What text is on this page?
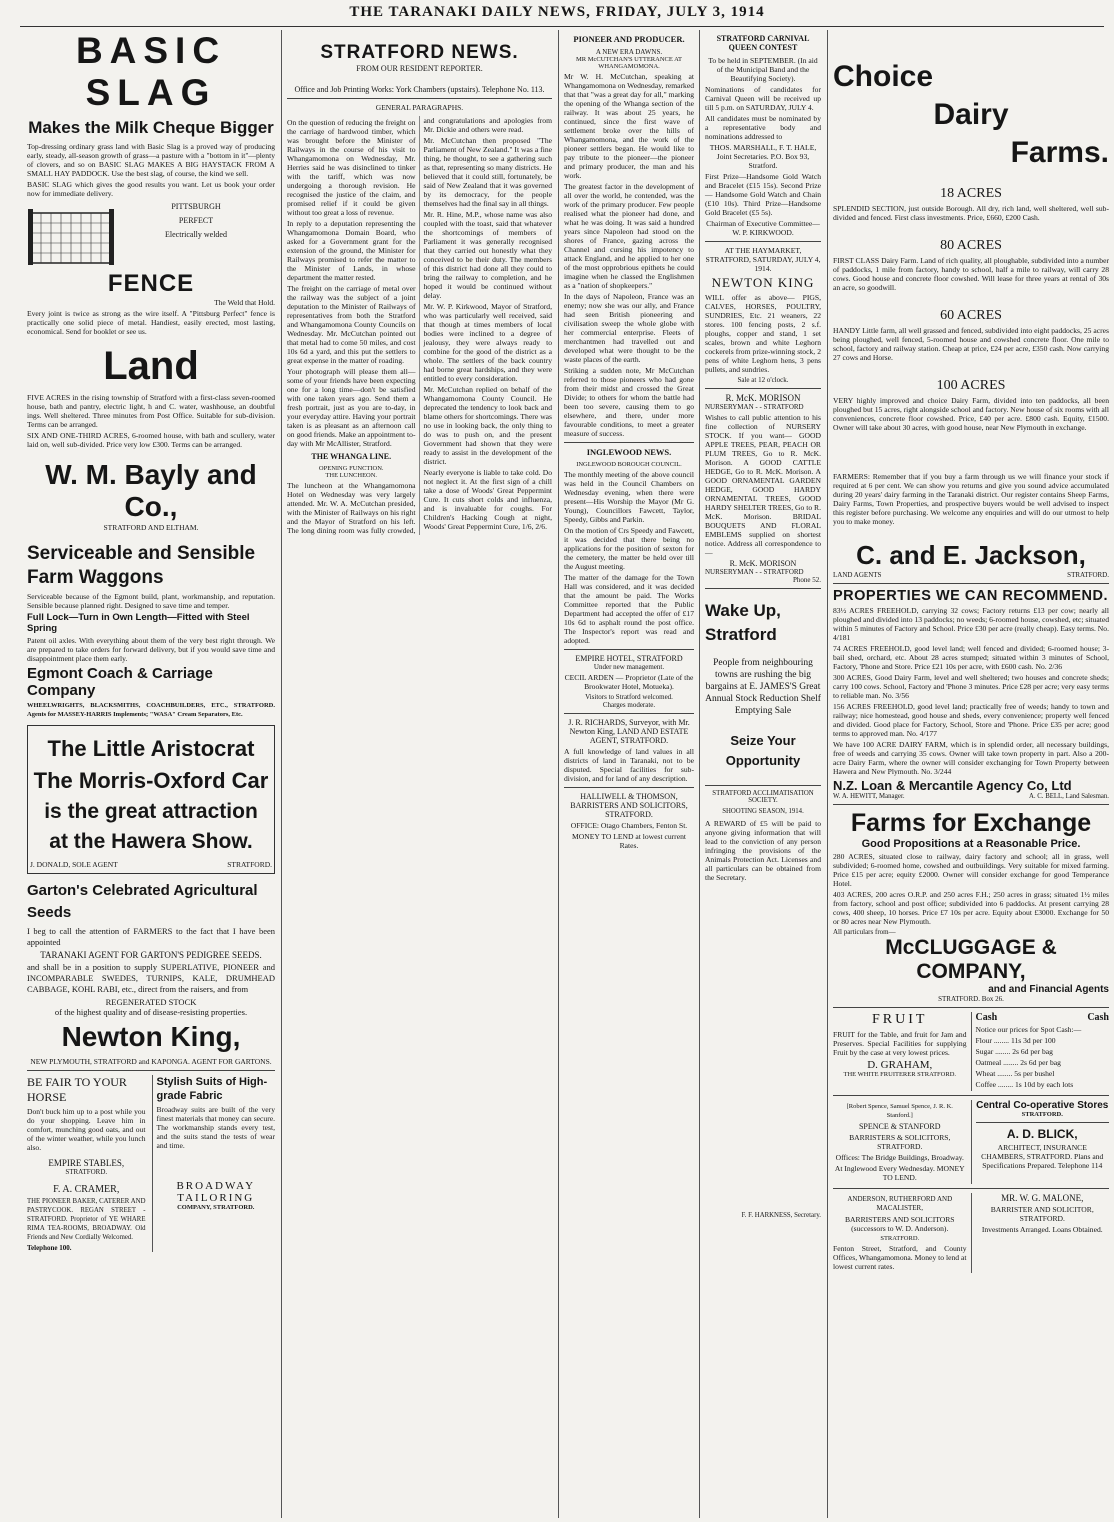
THE TARANAKI DAILY NEWS, FRIDAY, JULY 3, 1914
BASIC SLAG
Makes the Milk Cheque Bigger

Top-dressing ordinary grass land with Basic Slag is a proved way of producing early, steady, all-season growth of grass—a pasture with a "bottom in it"—plenty of clovers, and so on BASIC SLAG MAKES A BIG HAYSTACK FROM A SMALL HAY PADDOCK. Use the best slag, of course, the kind we sell.

BASIC SLAG which gives the good results you want. Let us book your order now for immediate delivery.

PITTSBURGH
PERFECT
Electrically welded
FENCE
The Weld that Hold.

Every joint is twice as strong as the wire itself. A "Pittsburg Perfect" fence is practically one solid piece of metal. Handiest, easily erected, most lasting, economical. Send for booklet or see us.

Land

FIVE ACRES in the rising township of Stratford with a first-class seven-roomed house, bath and pantry, electric light, h and C. water, washhouse, an doubtful ings. Well sheltered. Three minutes from Post Office. Suitable for sub-division. Terms can be arranged.

SIX AND ONE-THIRD ACRES, 6-roomed house, with bath and scullery, water laid on, well sub-divided. Price very low £300. Terms can be arranged.

W. M. Bayly and Co.,
STRATFORD AND ELTHAM.
Serviceable and Sensible Farm Waggons

Serviceable because of the Egmont build, plant, workmanship, and reputation. Sensible because planned right. Designed to save time and temper.

Full Lock—Turn in Own Length—Fitted with Steel Spring

Patent oil axles. With everything about them of the very best right through. We are prepared to take orders for forward delivery, but if you would save time and disappointment place them early.

Egmont Coach & Carriage Company

WHEELWRIGHTS, BLACKSMITHS, COACHBUILDERS, ETC., STRATFORD. Agents for MASSEY-HARRIS Implements; "WASA" Cream Separators, Etc.

The Little Aristocrat
The Morris-Oxford Car
is the great attraction
at the Hawera Show.
J. DONALD, SOLE AGENT	STRATFORD.
Garton's Celebrated Agricultural Seeds

I beg to call the attention of FARMERS to the fact that I have been appointed

TARANAKI AGENT FOR GARTON'S PEDIGREE SEEDS.

and shall be in a position to supply SUPERLATIVE, PIONEER and INCOMPARABLE SWEDES, TURNIPS, KALE, DRUMHEAD CABBAGE, KOHL RABI, etc., direct from the raisers, and from

REGENERATED STOCK
of the highest quality and of disease-resisting properties.
Newton King,
NEW PLYMOUTH, STRATFORD and KAPONGA. AGENT FOR GARTONS.
BE FAIR TO YOUR HORSE

Don't buck him up to a post while you do your shopping. Leave him in comfort, munching good oats, and out of the winter weather, while you lunch also.

EMPIRE STABLES,
STRATFORD.
F. A. CRAMER,

THE PIONEER BAKER, CATERER AND PASTRYCOOK. REGAN STREET - STRATFORD. Proprietor of YE WHARE RIMA TEA-ROOMS, BROADWAY. Old Friends and New Cordially Welcomed.

Telephone 100.
Stylish Suits of High-grade Fabric

Broadway suits are built of the very finest materials that money can secure. The workmanship stands every test, and the suits stand the tests of wear and time.

BROADWAY TAILORING
COMPANY, STRATFORD.
STRATFORD NEWS.
FROM OUR RESIDENT REPORTER.

Office and Job Printing Works: York Chambers (upstairs). Telephone No. 113.

GENERAL PARAGRAPHS.

On the question of reducing the freight on the carriage of hardwood timber, which was brought before the Minister of Railways in the course of his visit to Whangamomona on Wednesday, Mr. Herries said he was disinclined to tinker with the tariff, which was now undergoing a thorough revision. He recognised the justice of the claim, and promised relief if it could be given without too great a loss of revenue.

In reply to a deputation representing the Whangamomona Domain Board, who asked for a Government grant for the extension of the ground, the Minister for Railways promised to refer the matter to the Minister of Lands, in whose department the matter rested.

The freight on the carriage of metal over the railway was the subject of a joint deputation to the Minister of Railways of representatives from both the Stratford and Whangamomona County Councils on Wednesday. Mr. McCutchan pointed out that metal had to come 50 miles, and cost 10s 6d a yard, and this put the settlers to great expense in the matter of roading.

Your photograph will please them all—some of your friends have been expecting one for a long time—don't be satisfied with one taken years ago. Send them a fresh portrait, just as you are to-day, in your everyday attire. Having your portrait taken is as pleasant as an afternoon call on good friends. Make an appointment to-day with Mr McAllister, Stratford.

THE WHANGA LINE.
OPENING FUNCTION.
THE LUNCHEON.

The luncheon at the Whangamomona Hotel on Wednesday was very largely attended. Mr. W. A. McCutchan presided, with the Minister of Railways on his right and the Mayor of Stratford on his left. The long dining room was fully crowded, and congratulations and apologies from Mr. Dickie and others were read.

Mr. McCutchan then proposed "The Parliament of New Zealand." It was a fine thing, he thought, to see a gathering such as that, representing so many districts. He believed that it could still, fortunately, be said of New Zealand that it was governed by its democracy, for the people themselves had the final say in all things.

Mr. R. Hine, M.P., whose name was also coupled with the toast, said that whatever the shortcomings of members of Parliament it was generally recognised that they carried out honestly what they conceived to be their duty. The members of this district had done all they could to bring the railway to completion, and he hoped it would be continued without delay.

Mr. W. P. Kirkwood, Mayor of Stratford, who was particularly well received, said that though at times members of local bodies were inclined to a degree of jealousy, they were always ready to combine for the good of the district as a whole. The settlers of the back country had borne great hardships, and they were entitled to every consideration.

Mr. McCutchan replied on behalf of the Whangamomona County Council. He deprecated the tendency to look back and blame others for shortcomings. There was no use in looking back, the only thing to do was to push on, and the present Government had shown that they were ready to assist in the development of the district.

Nearly everyone is liable to take cold. Do not neglect it. At the first sign of a chill take a dose of Woods' Great Peppermint Cure. It cuts short colds and influenza, and is invaluable for coughs. For Children's Hacking Cough at night, Woods' Great Peppermint Cure, 1/6, 2/6.

PIONEER AND PRODUCER.
A NEW ERA DAWNS.
MR McCUTCHAN'S UTTERANCE AT WHANGAMOMONA.

Mr W. H. McCutchan, speaking at Whangamomona on Wednesday, remarked that that "was a great day for all," marking the opening of the Whanga section of the railway. It was about 25 years, he continued, since the first wave of settlement broke over the hills of Whangamomona, and the work of the pioneer settlers began. He would like to pay tribute to the pioneer—the pioneer and primary producer, the man and his work.

The greatest factor in the development of all over the world, he contended, was the work of the primary producer. Few people realised what the pioneer had done, and what he was doing. It was said a hundred years since Napoleon had stood on the shores of France, gazing across the Channel and cursing his impotency to attack England, and he applied to her one of the most opprobrious epithets he could imagine when he classed the Englishmen as a "nation of shopkeepers."

In the days of Napoleon, France was an enemy; now she was our ally, and France had seen British pioneering and civilisation sweep the whole globe with her commercial enterprise. Fleets of merchantmen had travelled out and developed what were thought to be the waste places of the earth.

Striking a sudden note, Mr McCutchan referred to those pioneers who had gone from their midst and crossed the Great Divide; to others for whom the battle had been too severe, causing them to go elsewhere, and there, under more favourable conditions, to meet a greater measure of success.

INGLEWOOD NEWS.
INGLEWOOD BOROUGH COUNCIL.

The monthly meeting of the above council was held in the Council Chambers on Wednesday evening, when there were present—His Worship the Mayor (Mr G. Young), Councillors Fawcett, Taylor, Speedy, Gibbs and Parkin.

On the motion of Crs Speedy and Fawcett, it was decided that there being no applications for the position of sexton for the cemetery, the matter be held over till the August meeting.

The matter of the damage for the Town Hall was considered, and it was decided that the amount be paid. The Works Committee reported that the Public Department had accepted the offer of £17 10s 6d to asphalt round the post office. The Inspector's report was read and adopted.

EMPIRE HOTEL, STRATFORD
Under new management.

CECIL ARDEN — Proprietor (Late of the Brookwater Hotel, Motueka).

Visitors to Stratford welcomed.
Charges moderate.

J. R. RICHARDS, Surveyor, with Mr. Newton King, LAND AND ESTATE AGENT, STRATFORD.

A full knowledge of land values in all districts of land in Taranaki, not to be disputed. Special facilities for sub-division, and for land of any description.

HALLIWELL & THOMSON, BARRISTERS AND SOLICITORS, STRATFORD.

OFFICE: Otago Chambers, Fenton St.

MONEY TO LEND at lowest current Rates.

STRATFORD CARNIVAL QUEEN CONTEST

To be held in SEPTEMBER. (In aid of the Municipal Band and the Beautifying Society).

Nominations of candidates for Carnival Queen will be received up till 5 p.m. on SATURDAY, JULY 4.

All candidates must be nominated by a representative body and nominations addressed to

THOS. MARSHALL, F. T. HALE, Joint Secretaries. P.O. Box 93, Stratford.

First Prize—Handsome Gold Watch and Bracelet (£15 15s). Second Prize — Handsome Gold Watch and Chain (£10 10s). Third Prize—Handsome Gold Bracelet (£5 5s).

Chairman of Executive Committee— W. P. KIRKWOOD.

AT THE HAYMARKET, STRATFORD, SATURDAY, JULY 4, 1914.

NEWTON KING

WILL offer as above— PIGS, CALVES, HORSES, POULTRY, SUNDRIES, Etc. 21 weaners, 22 stores. 100 fencing posts, 2 s.f. ploughs, copper and stand, 1 set scales, brown and white Leghorn cockerels from prize-winning stock, 2 pens of white Leghorn hens, 3 pens pullets, and sundries.

Sale at 12 o'clock.
R. McK. MORISON
NURSERYMAN - - STRATFORD

Wishes to call public attention to his fine collection of NURSERY STOCK. If you want— GOOD APPLE TREES, PEAR, PEACH OR PLUM TREES, Go to R. McK. Morison. A GOOD CATTLE HEDGE, Go to R. McK. Morison. A GOOD ORNAMENTAL GARDEN HEDGE, GOOD HARDY ORNAMENTAL TREES, GOOD HARDY SHELTER TREES, Go to R. McK. Morison. BRIDAL BOUQUETS AND FLORAL EMBLEMS supplied on shortest notice. Address all correspondence to—

R. McK. MORISON
NURSERYMAN - - STRATFORD
Phone 52.
Wake Up, Stratford

People from neighbouring towns are rushing the big bargains at E. JAMES'S Great Annual Stock Reduction Shelf Emptying Sale

Seize Your Opportunity
STRATFORD ACCLIMATISATION SOCIETY.
SHOOTING SEASON, 1914.

A REWARD of £5 will be paid to anyone giving information that will lead to the conviction of any person infringing the provisions of the Animals Protection Act. Licenses and all particulars can be obtained from the Secretary.

F. F. HARKNESS, Secretary.
Choice
Dairy
Farms.
18 ACRES

SPLENDID SECTION, just outside Borough. All dry, rich land, well sheltered, well sub-divided and fenced. First class investments. Price, £660, £200 Cash.

80 ACRES

FIRST CLASS Dairy Farm. Land of rich quality, all ploughable, subdivided into a number of paddocks, 1 mile from factory, handy to school, half a mile to railway, will carry 28 cows. Good house and concrete floor cowshed. Will lease for three years at rental of 30s an acre, so goodwill.

60 ACRES

HANDY Little farm, all well grassed and fenced, subdivided into eight paddocks, 25 acres being ploughed, well fenced, 5-roomed house and cowshed concrete floor. One mile to school, factory and railway station. Cheap at price, £24 per acre, £350 cash. Now carrying 27 cows and Horse.

100 ACRES

VERY highly improved and choice Dairy Farm, divided into ten paddocks, all been ploughed but 15 acres, right alongside school and factory. New house of six rooms with all conveniences, concrete floor cowshed. Price, £40 per acre. £800 cash. Equity, £1500. Owner will take about 30 acres, with good house, near New Plymouth in exchange.

FARMERS: Remember that if you buy a farm through us we will finance your stock if required at 6 per cent. We can show you returns and give you sound advice accumulated during 20 years' dairy farming in the Taranaki district. Our register contains Sheep Farms, Dairy Farms, Town Properties, and prospective buyers would be well advised to inspect this register before purchasing. We welcome any enquiries and will do our utmost to help you to make money.

C. and E. Jackson,
LAND AGENTS	STRATFORD.
PROPERTIES WE CAN RECOMMEND.

83½ ACRES FREEHOLD, carrying 32 cows; Factory returns £13 per cow; nearly all ploughed and divided into 13 paddocks; no weeds; 6-roomed house, cowshed, etc; situated within 5 minutes of Factory and School. Price £30 per acre (really cheap). Easy terms. No. 4/181

74 ACRES FREEHOLD, good level land; well fenced and divided; 6-roomed house; 3-bail shed, orchard, etc. About 28 acres stumped; situated within 3 minutes of School, Factory, 'Phone and Store. Price £21 10s per acre, with £600 cash. No. 2/36

300 ACRES, Good Dairy Farm, level and well sheltered; two houses and concrete sheds; carry 100 cows. School, Factory and 'Phone 3 minutes. Price £28 per acre; very easy terms to reliable man. No. 3/56

156 ACRES FREEHOLD, good level land; practically free of weeds; handy to town and railway; nice homestead, good house and sheds, every convenience; property well fenced and divided. Good place for Factory, School, Store and 'Phone. Price £35 per acre; good terms to approved man. No. 4/177

We have 100 ACRE DAIRY FARM, which is in splendid order, all necessary buildings, free of weeds and carrying 35 cows. Owner will take town property in part. Also a 200-acre Dairy Farm, where the owner will consider exchanging for Town Property between Hawera and New Plymouth. No. 3/244

N.Z. Loan & Mercantile Agency Co, Ltd
W. A. HEWITT, Manager.	A. C. BELL, Land Salesman.
Farms for Exchange
Good Propositions at a Reasonable Price.

280 ACRES, situated close to railway, dairy factory and school; all in grass, well subdivided; 6-roomed home, cowshed and outbuildings. Very suitable for mixed farming. Price £15 per acre; equity £2000. Owner will consider exchange for good Temperance Hotel.

403 ACRES, 200 acres O.R.P. and 250 acres F.H.; 250 acres in grass; situated 1½ miles from factory, school and post office; subdivided into 6 paddocks. At present carrying 28 cows, 400 sheep, 10 horses. Price £7 10s per acre. Equity about £3000. Exchange for 50 or 80 acres near New Plymouth.

All particulars from—
McCLUGGAGE & COMPANY,
and and Financial Agents
STRATFORD. Box 26.
FRUIT

FRUIT for the Table, and fruit for Jam and Preserves. Special Facilities for supplying Fruit by the case at very lowest prices.

D. GRAHAM,
THE WHITE FRUITERER STRATFORD.
Cash	Cash

Notice our prices for Spot Cash:—

Flour ........ 11s 3d per 100
Sugar ........ 2s 6d per bag
Oatmeal ........ 2s 6d per bag
Wheat ........ 5s per bushel
Coffee ........ 1s 10d by each lots

[Robert Spence, Samuel Spence, J. R. K. Stanford.]

SPENCE & STANFORD

BARRISTERS & SOLICITORS, STRATFORD.

Offices: The Bridge Buildings, Broadway.

At Inglewood Every Wednesday. MONEY TO LEND.

Central Co-operative Stores
STRATFORD.
A. D. BLICK,

ARCHITECT, INSURANCE CHAMBERS, STRATFORD. Plans and Specifications Prepared. Telephone 114

ANDERSON, RUTHERFORD AND MACALISTER,

BARRISTERS AND SOLICITORS (successors to W. D. Anderson).

STRATFORD.

Fenton Street, Stratford, and County Offices, Whangamomona. Money to lend at lowest current rates.

MR. W. G. MALONE,

BARRISTER AND SOLICITOR, STRATFORD.

Investments Arranged. Loans Obtained.
